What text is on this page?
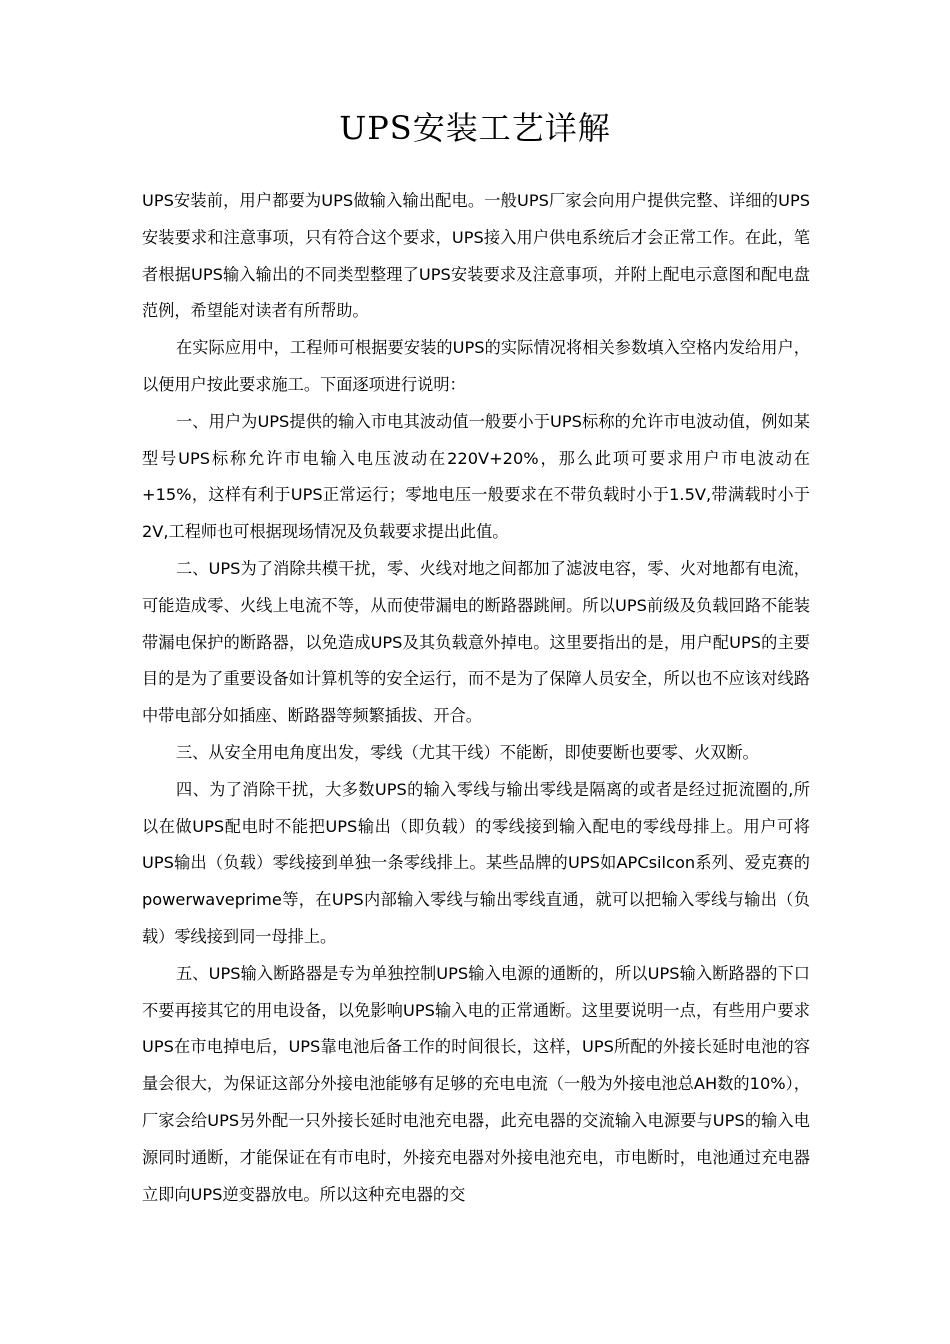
UPS安装工艺详解

UPS安装前，用户都要为UPS做输入输出配电。一般UPS厂家会向用户提供完整、详细的UPS安装要求和注意事项，只有符合这个要求，UPS接入用户供电系统后才会正常工作。在此，笔者根据UPS输入输出的不同类型整理了UPS安装要求及注意事项，并附上配电示意图和配电盘范例，希望能对读者有所帮助。

在实际应用中，工程师可根据要安装的UPS的实际情况将相关参数填入空格内发给用户，以便用户按此要求施工。下面逐项进行说明：

一、用户为UPS提供的输入市电其波动值一般要小于UPS标称的允许市电波动值，例如某型号UPS标称允许市电输入电压波动在220V+20%，那么此项可要求用户市电波动在+15%，这样有利于UPS正常运行；零地电压一般要求在不带负载时小于1.5V,带满载时小于2V,工程师也可根据现场情况及负载要求提出此值。

二、UPS为了消除共模干扰，零、火线对地之间都加了滤波电容，零、火对地都有电流，可能造成零、火线上电流不等，从而使带漏电的断路器跳闸。所以UPS前级及负载回路不能装带漏电保护的断路器，以免造成UPS及其负载意外掉电。这里要指出的是，用户配UPS的主要目的是为了重要设备如计算机等的安全运行，而不是为了保障人员安全，所以也不应该对线路中带电部分如插座、断路器等频繁插拔、开合。

三、从安全用电角度出发，零线（尤其干线）不能断，即使要断也要零、火双断。

四、为了消除干扰，大多数UPS的输入零线与输出零线是隔离的或者是经过扼流圈的,所以在做UPS配电时不能把UPS输出（即负载）的零线接到输入配电的零线母排上。用户可将UPS输出（负载）零线接到单独一条零线排上。某些品牌的UPS如APCsilcon系列、爱克赛的powerwaveprime等，在UPS内部输入零线与输出零线直通，就可以把输入零线与输出（负载）零线接到同一母排上。

五、UPS输入断路器是专为单独控制UPS输入电源的通断的，所以UPS输入断路器的下口不要再接其它的用电设备，以免影响UPS输入电的正常通断。这里要说明一点，有些用户要求UPS在市电掉电后，UPS靠电池后备工作的时间很长，这样，UPS所配的外接长延时电池的容量会很大，为保证这部分外接电池能够有足够的充电电流（一般为外接电池总AH数的10%），厂家会给UPS另外配一只外接长延时电池充电器，此充电器的交流输入电源要与UPS的输入电源同时通断，才能保证在有市电时，外接充电器对外接电池充电，市电断时，电池通过充电器立即向UPS逆变器放电。所以这种充电器的交
